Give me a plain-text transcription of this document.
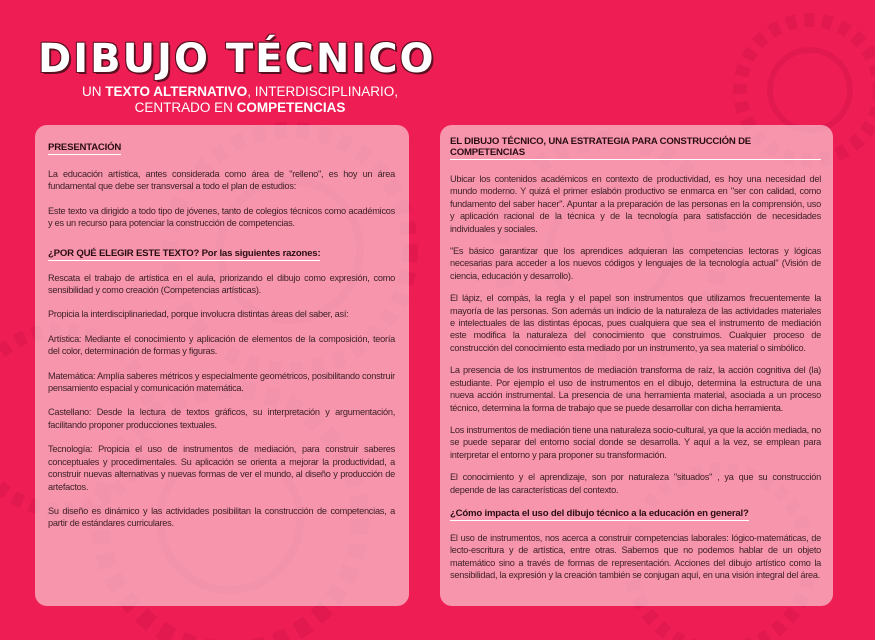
DIBUJO TÉCNICO

UN TEXTO ALTERNATIVO, INTERDISCIPLINARIO,
CENTRADO EN COMPETENCIAS

PRESENTACIÓN

La educación artística, antes considerada como área de "relleno", es hoy un área fundamental que debe ser transversal a todo el plan de estudios:

Este texto va dirigido a todo tipo de jóvenes, tanto de colegios técnicos como académicos y es un recurso para potenciar la construcción de competencias.

¿POR QUÉ ELEGIR ESTE TEXTO? Por las siguientes razones:

Rescata el trabajo de artística en el aula, priorizando el dibujo como expresión, como sensibilidad y como creación (Competencias artísticas).

Propicia la interdisciplinariedad, porque involucra distintas áreas del saber, así:

Artística: Mediante el conocimiento y aplicación de elementos de la composición, teoría del color, determinación de formas y figuras.

Matemática: Amplía saberes métricos y especialmente geométricos, posibilitando construir pensamiento espacial y comunicación matemática.

Castellano: Desde la lectura de textos gráficos, su interpretación y argumentación, facilitando proponer producciones textuales.

Tecnología: Propicia el uso de instrumentos de mediación, para construir saberes conceptuales y procedimentales. Su aplicación se orienta a mejorar la productividad, a construir nuevas alternativas y nuevas formas de ver el mundo, al diseño y producción de artefactos.

Su diseño es dinámico y las actividades posibilitan la construcción de competencias, a partir de estándares curriculares.

EL DIBUJO TÉCNICO, UNA ESTRATEGIA PARA CONSTRUCCIÓN DE COMPETENCIAS

Ubicar los contenidos académicos en contexto de productividad, es hoy una necesidad del mundo moderno. Y quizá el primer eslabón productivo se enmarca en "ser con calidad, como fundamento del saber hacer". Apuntar a la preparación de las personas en la comprensión, uso y aplicación racional de la técnica y de la tecnología para satisfacción de necesidades individuales y sociales.

"Es básico garantizar que los aprendices adquieran las competencias lectoras y lógicas necesarias para acceder a los nuevos códigos y lenguajes de la tecnología actual" (Visión de ciencia, educación y desarrollo).

El lápiz, el compás, la regla y el papel son instrumentos que utilizamos frecuentemente la mayoría de las personas. Son además un indicio de la naturaleza de las actividades materiales e intelectuales de las distintas épocas, pues cualquiera que sea el instrumento de mediación este modifica la naturaleza del conocimiento que construimos. Cualquier proceso de construcción del conocimiento esta mediado por un instrumento, ya sea material o simbólico.

La presencia de los instrumentos de mediación transforma de raíz, la acción cognitiva del (la) estudiante. Por ejemplo el uso de instrumentos en el dibujo, determina la estructura de una nueva acción instrumental. La presencia de una herramienta material, asociada a un proceso técnico, determina la forma de trabajo que se puede desarrollar con dicha herramienta.

Los instrumentos de mediación tiene una naturaleza socio-cultural, ya que la acción mediada, no se puede separar del entorno social donde se desarrolla. Y aquí a la vez, se emplean para interpretar el entorno y para proponer su transformación.

El conocimiento y el aprendizaje, son por naturaleza "situados" , ya que su construcción depende de las características del contexto.

¿Cómo impacta el uso del dibujo técnico a la educación en general?

El uso de instrumentos, nos acerca a construir competencias laborales: lógico-matemáticas, de lecto-escritura y de artística, entre otras. Sabemos que no podemos hablar de un objeto matemático sino a través de formas de representación. Acciones del dibujo artístico como la sensibilidad, la expresión y la creación también se conjugan aquí, en una visión integral del área.
